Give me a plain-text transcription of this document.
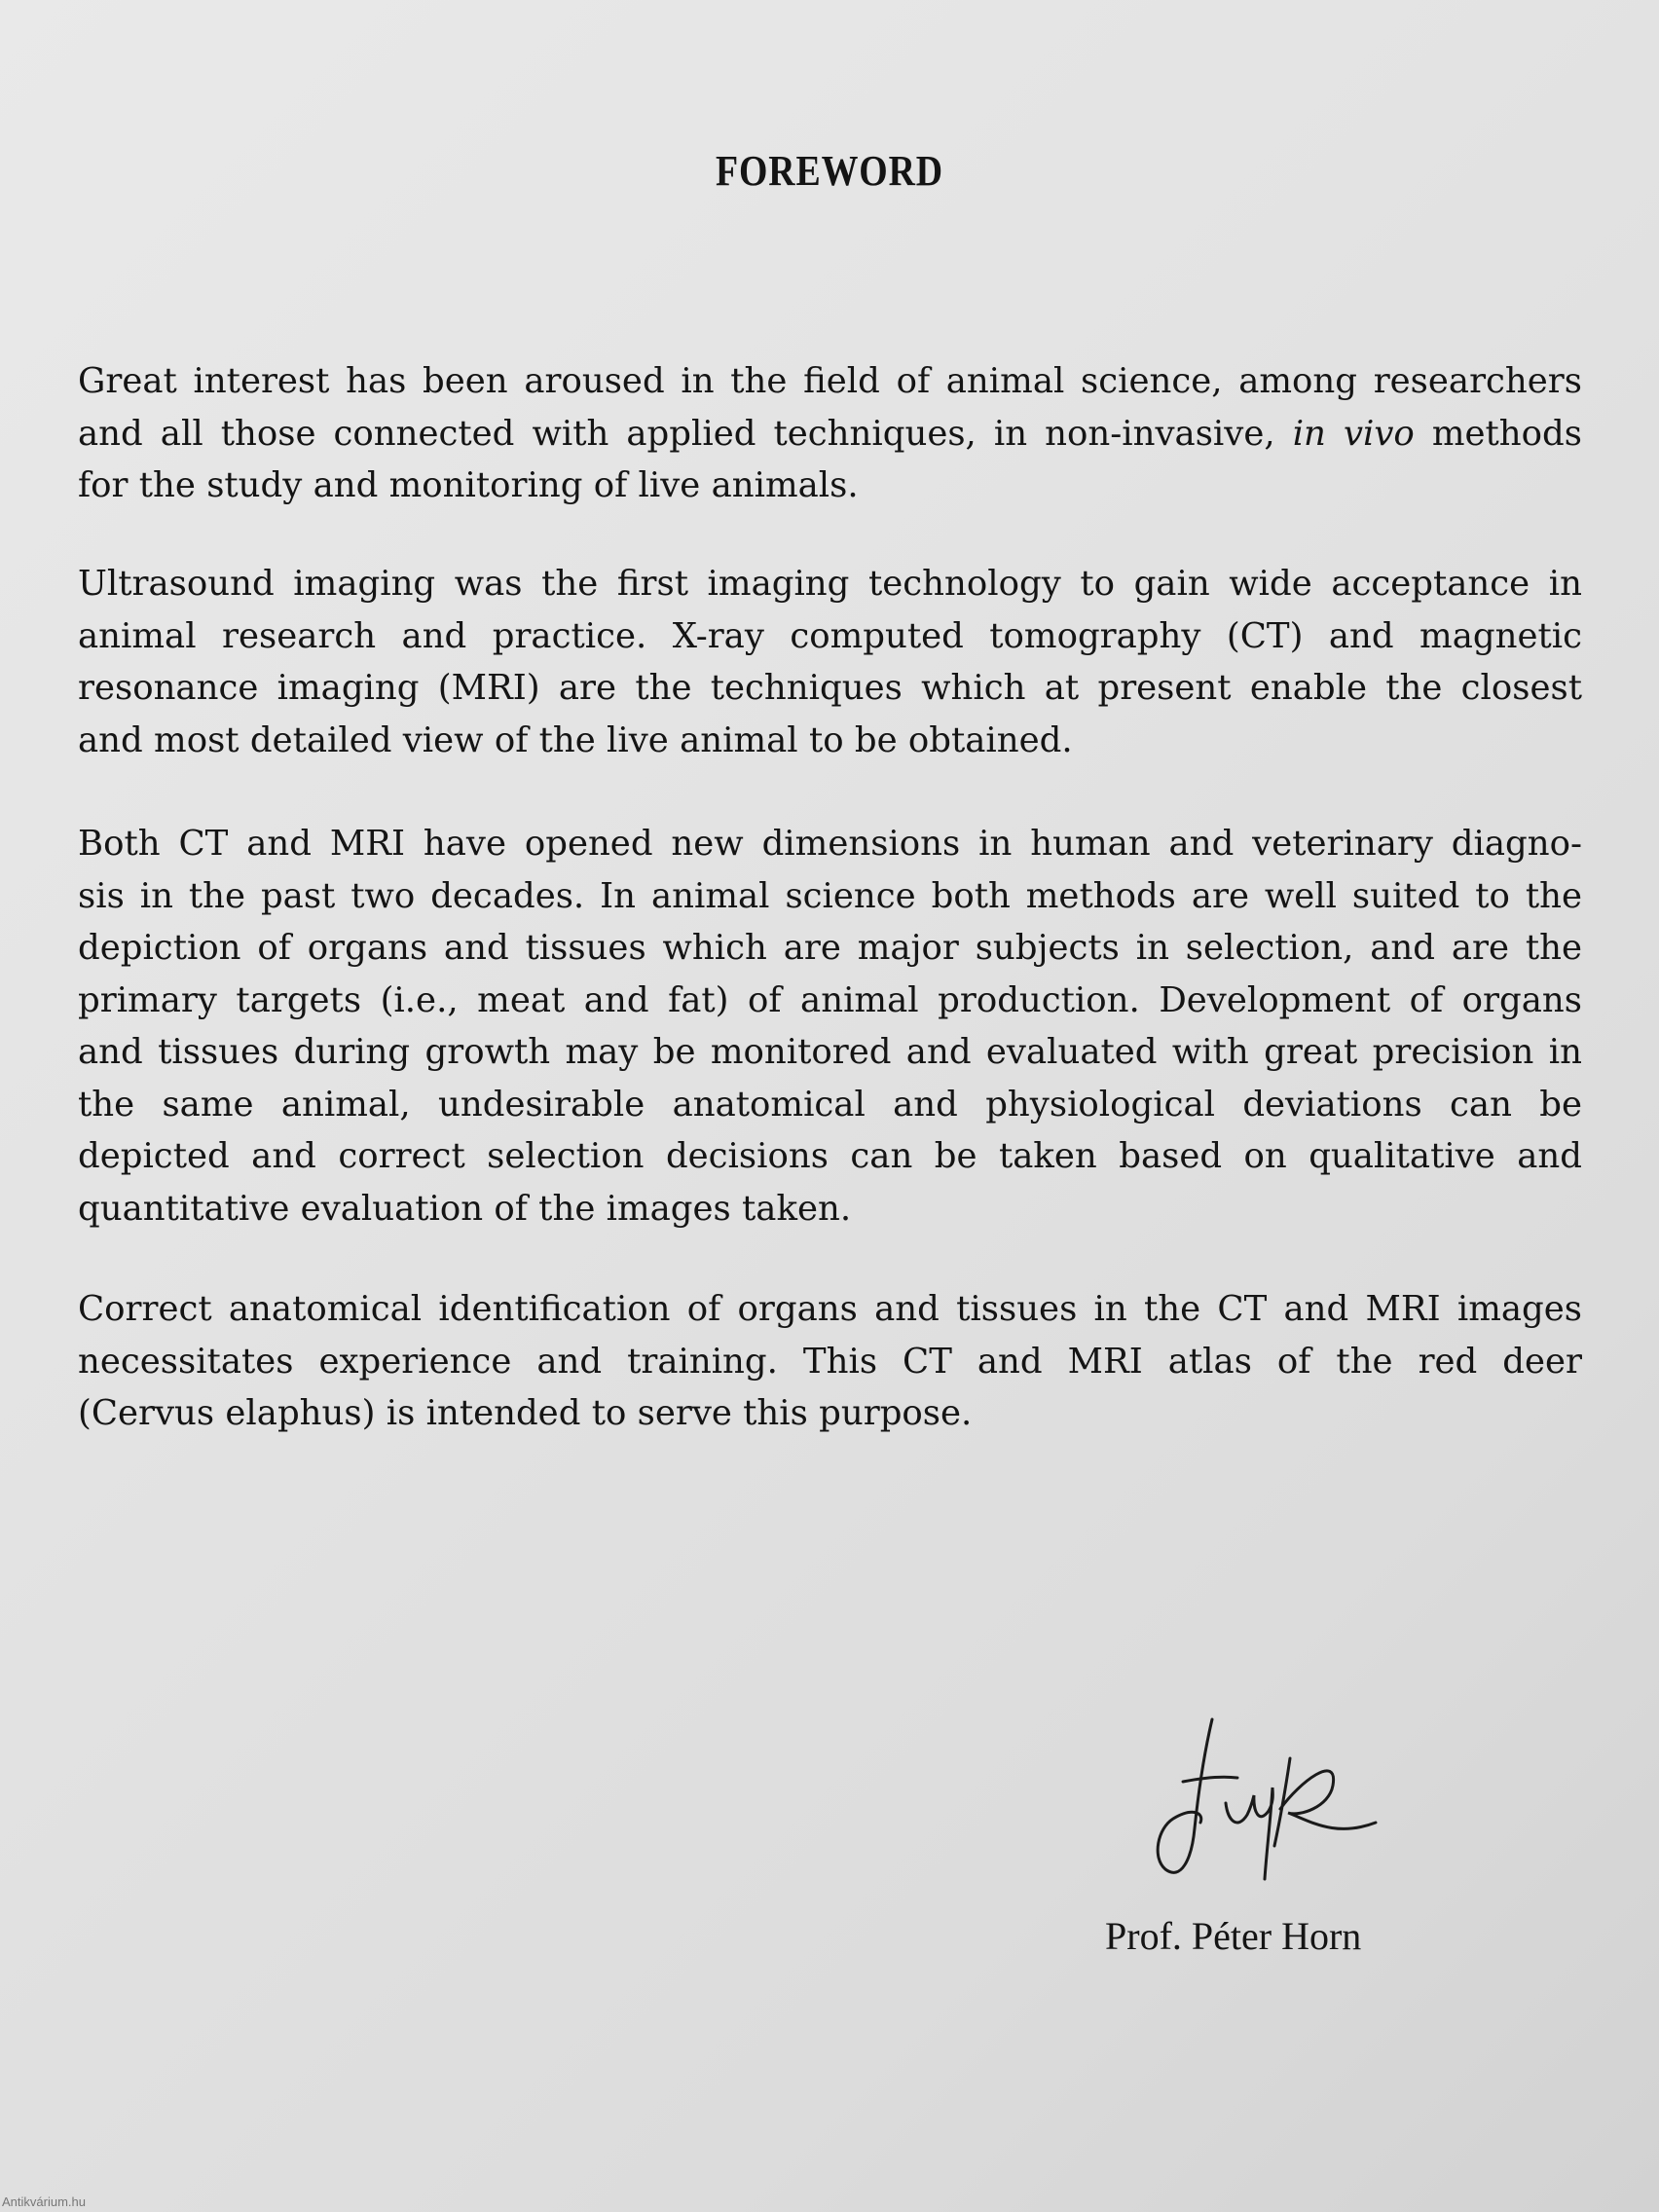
FOREWORD

Great interest has been aroused in the field of animal science, among researchers
and all those connected with applied techniques, in non-invasive, in vivo methods
for the study and monitoring of live animals.

Ultrasound imaging was the first imaging technology to gain wide acceptance in
animal research and practice. X-ray computed tomography (CT) and magnetic
resonance imaging (MRI) are the techniques which at present enable the closest
and most detailed view of the live animal to be obtained.

Both CT and MRI have opened new dimensions in human and veterinary diagno-
sis in the past two decades. In animal science both methods are well suited to the
depiction of organs and tissues which are major subjects in selection, and are the
primary targets (i.e., meat and fat) of animal production. Development of organs
and tissues during growth may be monitored and evaluated with great precision in
the same animal, undesirable anatomical and physiological deviations can be
depicted and correct selection decisions can be taken based on qualitative and
quantitative evaluation of the images taken.

Correct anatomical identification of organs and tissues in the CT and MRI images
necessitates experience and training. This CT and MRI atlas of the red deer
(Cervus elaphus) is intended to serve this purpose.

Prof. Péter Horn

Antikvárium.hu
